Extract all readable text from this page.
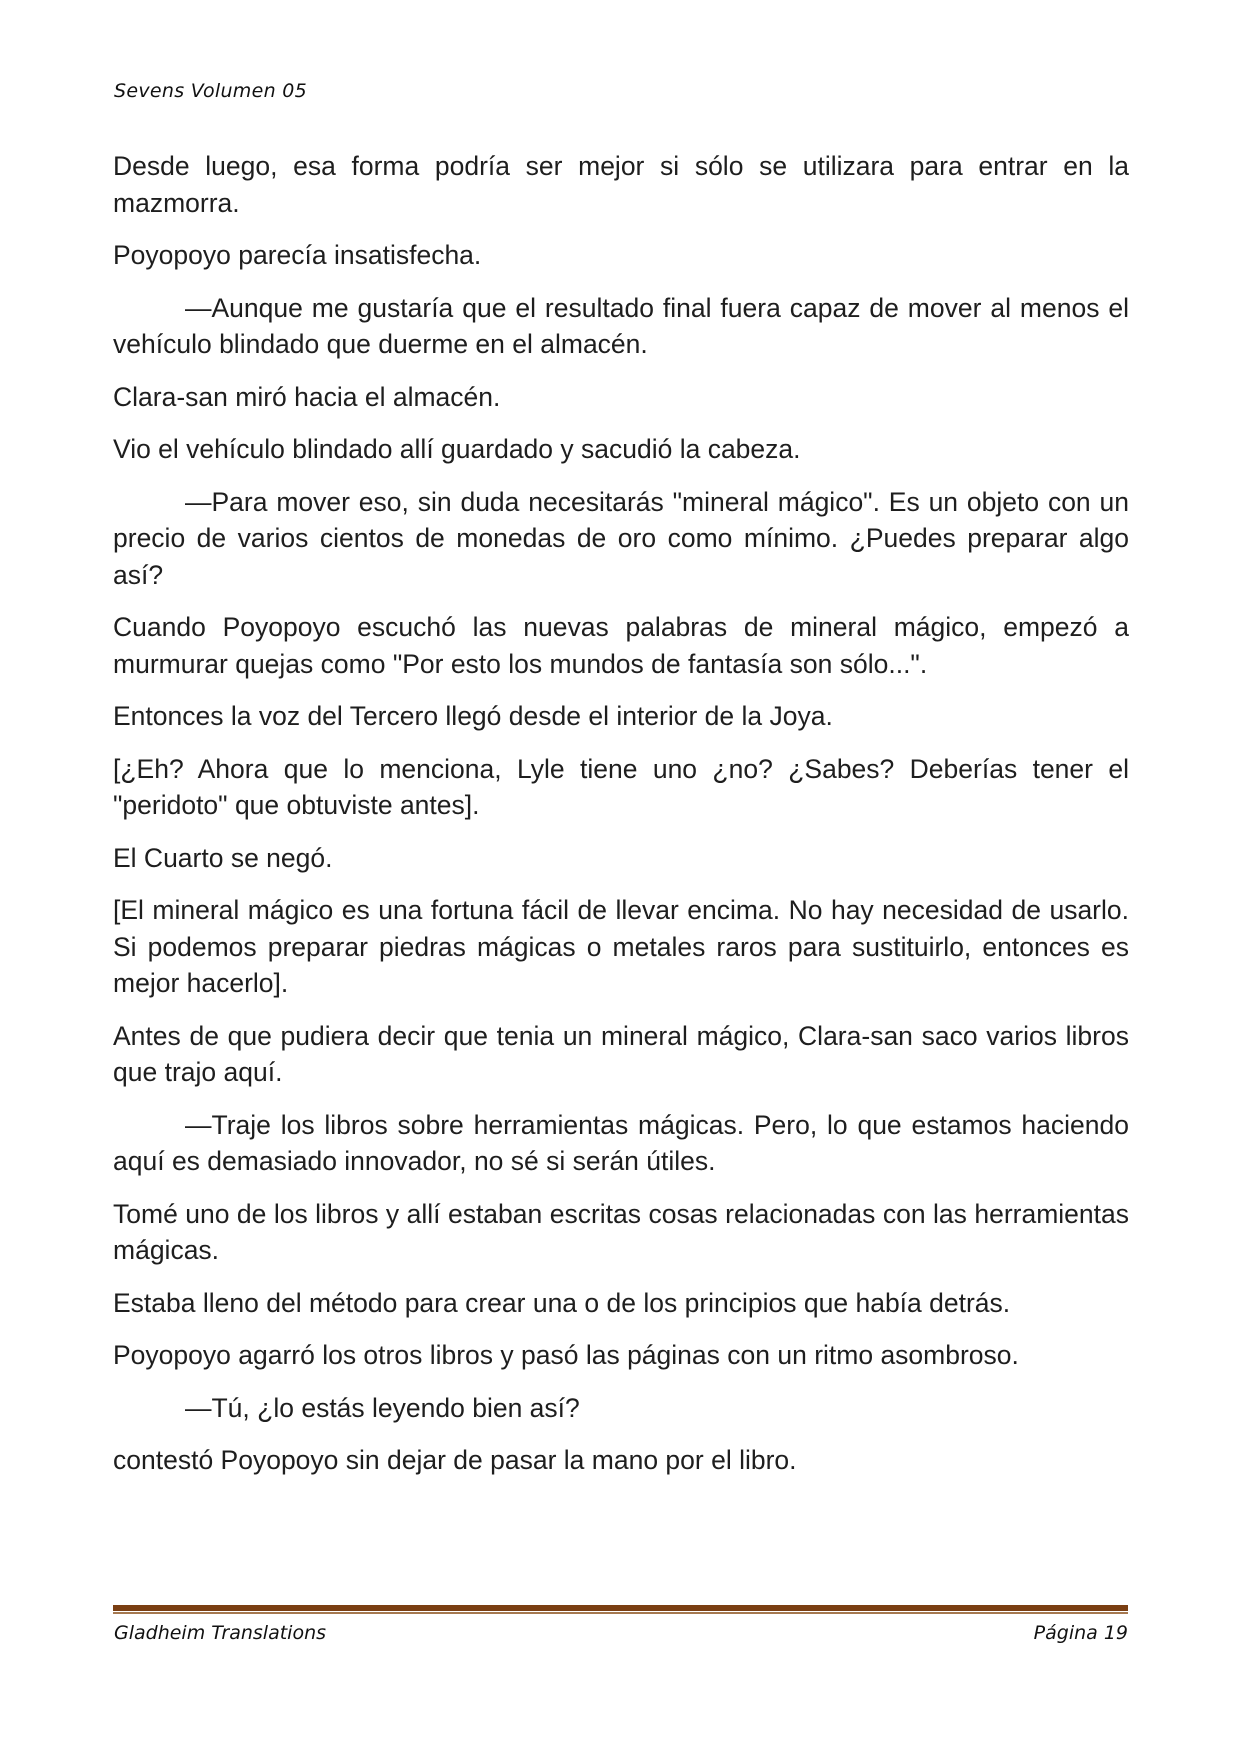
Sevens Volumen 05

Desde luego, esa forma podría ser mejor si sólo se utilizara para entrar en la mazmorra.

Poyopoyo parecía insatisfecha.

—Aunque me gustaría que el resultado final fuera capaz de mover al menos el vehículo blindado que duerme en el almacén.

Clara-san miró hacia el almacén.

Vio el vehículo blindado allí guardado y sacudió la cabeza.

—Para mover eso, sin duda necesitarás "mineral mágico". Es un objeto con un precio de varios cientos de monedas de oro como mínimo. ¿Puedes preparar algo así?

Cuando Poyopoyo escuchó las nuevas palabras de mineral mágico, empezó a murmurar quejas como "Por esto los mundos de fantasía son sólo...".

Entonces la voz del Tercero llegó desde el interior de la Joya.

[¿Eh? Ahora que lo menciona, Lyle tiene uno ¿no? ¿Sabes? Deberías tener el "peridoto" que obtuviste antes].

El Cuarto se negó.

[El mineral mágico es una fortuna fácil de llevar encima. No hay necesidad de usarlo. Si podemos preparar piedras mágicas o metales raros para sustituirlo, entonces es mejor hacerlo].

Antes de que pudiera decir que tenia un mineral mágico, Clara-san saco varios libros que trajo aquí.

—Traje los libros sobre herramientas mágicas. Pero, lo que estamos haciendo aquí es demasiado innovador, no sé si serán útiles.

Tomé uno de los libros y allí estaban escritas cosas relacionadas con las herramientas mágicas.

Estaba lleno del método para crear una o de los principios que había detrás.

Poyopoyo agarró los otros libros y pasó las páginas con un ritmo asombroso.

—Tú, ¿lo estás leyendo bien así?

contestó Poyopoyo sin dejar de pasar la mano por el libro.

Gladheim Translations	Página 19
